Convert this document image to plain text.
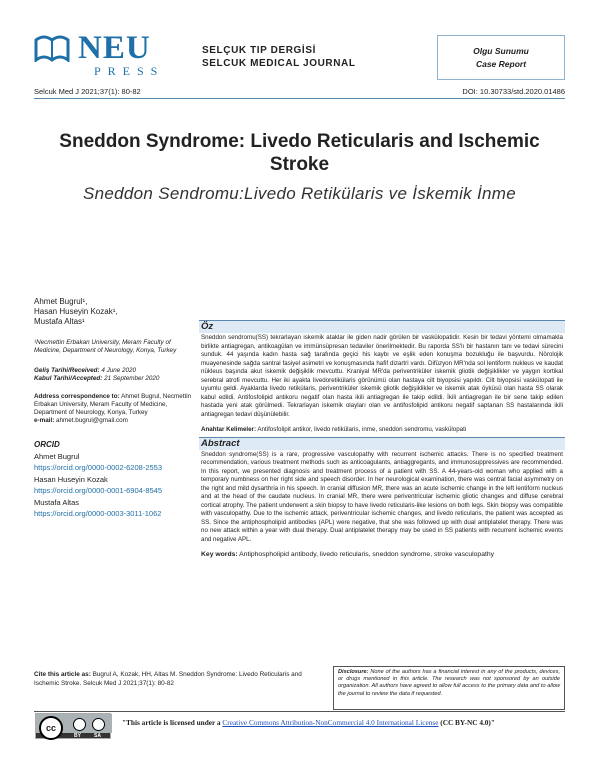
NEU
PRESS
SELÇUK TIP DERGİSİ
SELCUK MEDICAL JOURNAL
Olgu Sunumu
Case Report
Selcuk Med J 2021;37(1): 80-82	DOI: 10.30733/std.2020.01486
Sneddon Syndrome: Livedo Reticularis and Ischemic Stroke
Sneddon Sendromu:Livedo Retikülaris ve İskemik İnme
Ahmet Bugrul¹,
Hasan Huseyin Kozak¹,
Mustafa Altas¹
¹Necmettin Erbakan University, Meram Faculty of Medicine, Department of Neurology, Konya, Turkey
Geliş Tarihi/Received: 4 June 2020
Kabul Tarihi/Accepted: 21 September 2020
Address correspondence to: Ahmet Bugrul, Necmettin Erbakan University, Meram Faculty of Medicine, Department of Neurology, Konya, Turkey
e-mail: ahmet.bugrul@gmail.com
ORCID
Ahmet Bugrul
https://orcid.org/0000-0002-6208-2553
Hasan Huseyin Kozak
https://orcid.org/0000-0001-6904-8545
Mustafa Altas
https://orcid.org/0000-0003-3011-1062
Öz
Sneddon sendromu(SS) tekrarlayan iskemik ataklar ile giden nadir görülen bir vaskülopatidir. Kesin bir tedavi yöntemi olmamakla birlikte antiagregan, antikoagülan ve immünsüpresan tedaviler önerilmektedir. Bu raporda SS'lı bir hastanın tanı ve tedavi sürecini sunduk. 44 yaşında kadın hasta sağ tarafında geçici his kaybı ve eşlik eden konuşma bozukluğu ile başvurdu. Nörolojik muayenesinde sağda santral fasiyel asimetri ve konuşmasında hafif dizartri vardı. Difüzyon MR'nda sol lentiform nukleus ve kaudat nükleus başında akut iskemik değişiklik mevcuttu. Kraniyal MR'da periventriküler iskemik gliotik değişiklikler ve yaygın kortikal serebral atrofi mevcuttu. Her iki ayakta livedoretikülaris görünümü olan hastaya cilt biyopsisi yapıldı. Cilt biyopsisi vaskülopati ile uyumlu geldi. Ayaklarda livedo retikülaris, periventriküler iskemik gliotik değişiklikler ve iskemik atak öyküsü olan hasta SS olarak kabul edildi. Antifosfolipid antikoru negatif olan hasta ikili antiagregan ile takip edildi. İkili antiagregan ile bir sene takip edilen hastada yeni atak görülmedi. Tekrarlayan iskemik olayları olan ve antifosfolipid antikoru negatif saptanan SS hastalarında ikili antiagregan tedavi düşünülebilir.
Anahtar Kelimeler: Antifosfolipit antikor, livedo retikülaris, inme, sneddon sendromu, vaskülopati
Abstract
Sneddon syndrome(SS) is a rare, progressive vasculopathy with recurrent ischemic attacks. There is no specified treatment recommendation, various treatment methods such as anticoagulants, antiaggregants, and immunosuppressives are recommended. In this report, we presented diagnosis and treatment process of a patient with SS. A 44-years-old woman who applied with a temporary numbness on her right side and speech disorder. In her neurological examination, there was central facial asymmetry on the right and mild dysarthria in his speech. In cranial diffusion MR, there was an acute ischemic change in the left lentiform nucleus and at the head of the caudate nucleus. In cranial MR, there were periventricular ischemic gliotic changes and diffuse cerebral cortical atrophy. The patient underwent a skin biopsy to have livedo reticularis-like lesions on both legs. Skin biopsy was compatible with vasculopathy. Due to the ischemic attack, periventricular ischemic changes, and livedo reticularis, the patient was accepted as SS. Since the antiphospholipid antibodies (APL) were negative, that she was followed up with dual antiplatelet therapy. There was no new attack within a year with dual therapy. Dual antiplatelet therapy may be used in SS patients with recurrent ischemic events and negative APL.
Key words: Antiphospholipid antibody, livedo reticularis, sneddon syndrome, stroke vasculopathy
Cite this article as: Bugrul A, Kozak, HH, Altas M. Sneddon Syndrome: Livedo Reticularis and Ischemic Stroke. Selcuk Med J 2021;37(1): 80-82
Disclosure: None of the authors has a financial interest in any of the products, devices, or drugs mentioned in this article. The research was not sponsored by an outside organization. All authors have agreed to allow full access to the primary data and to allow the journal to review the data if requested.
cc
BY	SA
"This article is licensed under a Creative Commons Attribution-NonCommercial 4.0 International License (CC BY-NC 4.0)"
